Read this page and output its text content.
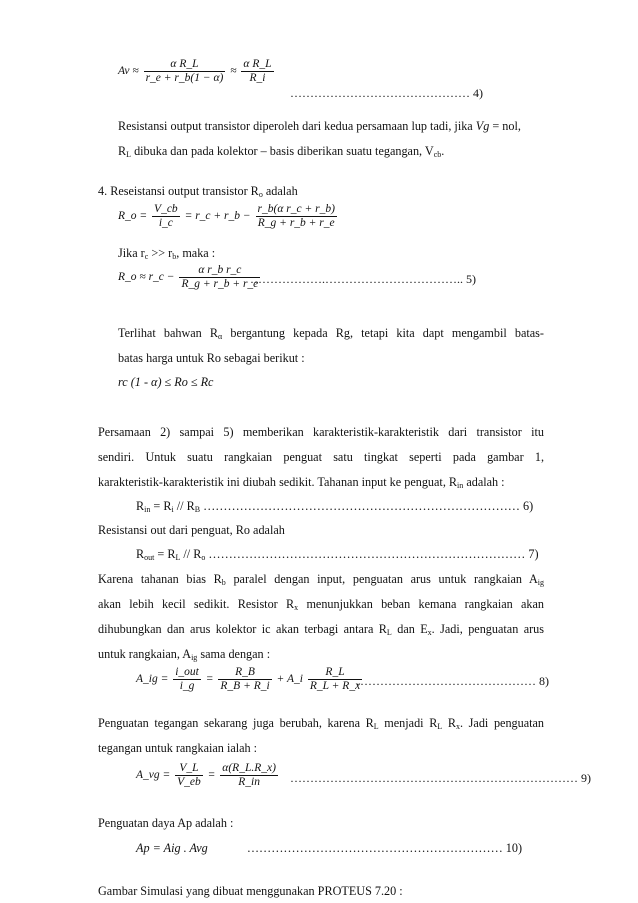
$Av \approx \frac{\text{α R\_L}}{r\_e + r\_b(1 - \alpha)} \approx \frac{\text{α R\_L}}{R\_i}$
……………………………………… 4)
Resistansi output transistor diperoleh dari kedua persamaan lup tadi, jika Vg = nol,
$R_L$ dibuka dan pada kolektor – basis diberikan suatu tegangan, $V_{cb}$.
4. Reseistansi output transistor $R_o$ adalah
R_o = $\frac{V\_cb}{i\_c}$ = r_c + r_b − $\frac{\text{r\_b(α r\_c + r\_b)}}{R\_g + r\_b + r\_e}$
Jika $r_c >> r_b$, maka :
R_o ≈ r_c − $\frac{\text{α r\_b r\_c}}{R\_g + r\_b + r\_e}$
……………….…………………………….. 5)
Terlihat bahwan $R_\alpha$ bergantung kepada Rg, tetapi kita dapt mengambil batas-
batas harga untuk Ro sebagai berikut :
rc (1 - α) ≤ Ro ≤ Rc
Persamaan 2) sampai 5) memberikan karakteristik-karakteristik dari transistor itu
sendiri. Untuk suatu rangkaian penguat satu tingkat seperti pada gambar 1,
karakteristik-karakteristik ini diubah sedikit. Tahanan input ke penguat, $R_{in}$ adalah :
$R_{in} = R_i // R_B$ …………………………………………………………………… 6)
Resistansi out dari penguat, Ro adalah
$R_{out} = R_L // R_o$ …………………………………………………………………… 7)
Karena tahanan bias $R_b$ paralel dengan input, penguatan arus untuk rangkaian $A_{ig}$
akan lebih kecil sedikit. Resistor $R_x$ menunjukkan beban kemana rangkaian akan
dihubungkan dan arus kolektor ic akan terbagi antara $R_L$ dan $E_x$. Jadi, penguatan arus
untuk rangkaian, $A_{ig}$ sama dengan :
A_ig = $\frac{\text{i\_out}}{i\_g} = \frac{R\_B}{R\_B + R\_i}$ + A_i $\frac{R\_L}{R\_L + R\_x}$
……………………………………… 8)
Penguatan tegangan sekarang juga berubah, karena $R_L$ menjadi $R_L$ $R_x$. Jadi penguatan
tegangan untuk rangkaian ialah :
A_vg = $\frac{V\_L}{V\_eb} = \frac{\alpha(R\_L.R\_x)}{R\_in}$ ……………………………………………………………… 9)
Penguatan daya Ap adalah :
Ap = Aig . Avg	……………………………………………………… 10)
Gambar Simulasi yang dibuat menggunakan PROTEUS 7.20 :
